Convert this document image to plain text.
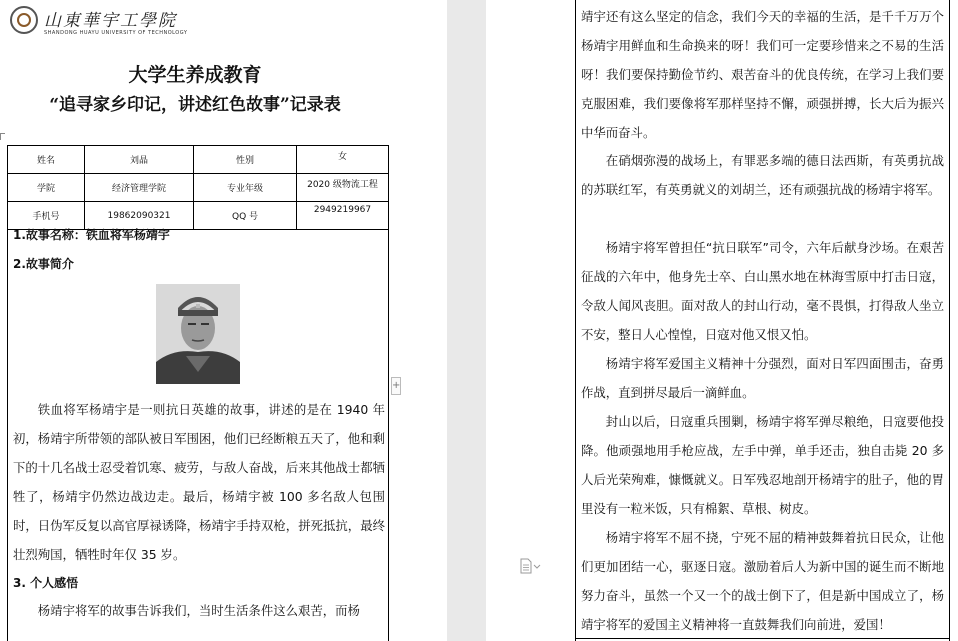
山東華宇工學院
SHANDONG HUAYU UNIVERSITY OF TECHNOLOGY
大学生养成教育
“追寻家乡印记，讲述红色故事”记录表
姓名	刘晶	性别	女
学院	经济管理学院	专业年级	2020 级物流工程
手机号	19862090321	QQ 号	2949219967
1.故事名称：铁血将军杨靖宇
2.故事简介
铁血将军杨靖宇是一则抗日英雄的故事，讲述的是在 1940 年初，杨靖宇所带领的部队被日军围困，他们已经断粮五天了，他和剩下的十几名战士忍受着饥寒、疲劳，与敌人奋战，后来其他战士都牺牲了，杨靖宇仍然边战边走。最后，杨靖宇被 100 多名敌人包围时，日伪军反复以高官厚禄诱降，杨靖宇手持双枪，拼死抵抗，最终壮烈殉国，牺牲时年仅 35 岁。
3. 个人感悟
杨靖宇将军的故事告诉我们，当时生活条件这么艰苦，而杨
+
靖宇还有这么坚定的信念，我们今天的幸福的生活，是千千万万个杨靖宇用鲜血和生命换来的呀！我们可一定要珍惜来之不易的生活呀！我们要保持勤俭节约、艰苦奋斗的优良传统，在学习上我们要克服困难，我们要像将军那样坚持不懈，顽强拼搏，长大后为振兴中华而奋斗。
在硝烟弥漫的战场上，有罪恶多端的德日法西斯，有英勇抗战的苏联红军，有英勇就义的刘胡兰，还有顽强抗战的杨靖宇将军。
杨靖宇将军曾担任“抗日联军”司令，六年后献身沙场。在艰苦征战的六年中，他身先士卒、白山黑水地在林海雪原中打击日寇，令敌人闻风丧胆。面对敌人的封山行动，毫不畏惧，打得敌人坐立不安，整日人心惶惶，日寇对他又恨又怕。
杨靖宇将军爱国主义精神十分强烈，面对日军四面围击，奋勇作战，直到拼尽最后一滴鲜血。
封山以后，日寇重兵围剿，杨靖宇将军弹尽粮绝，日寇要他投降。他顽强地用手枪应战，左手中弹，单手还击，独自击毙 20 多人后光荣殉难，慷慨就义。日军残忍地剖开杨靖宇的肚子，他的胃里没有一粒米饭，只有棉絮、草根、树皮。
杨靖宇将军不屈不挠，宁死不屈的精神鼓舞着抗日民众，让他们更加团结一心，驱逐日寇。激励着后人为新中国的诞生而不断地努力奋斗，虽然一个又一个的战士倒下了，但是新中国成立了，杨靖宇将军的爱国主义精神将一直鼓舞我们向前进，爱国！
